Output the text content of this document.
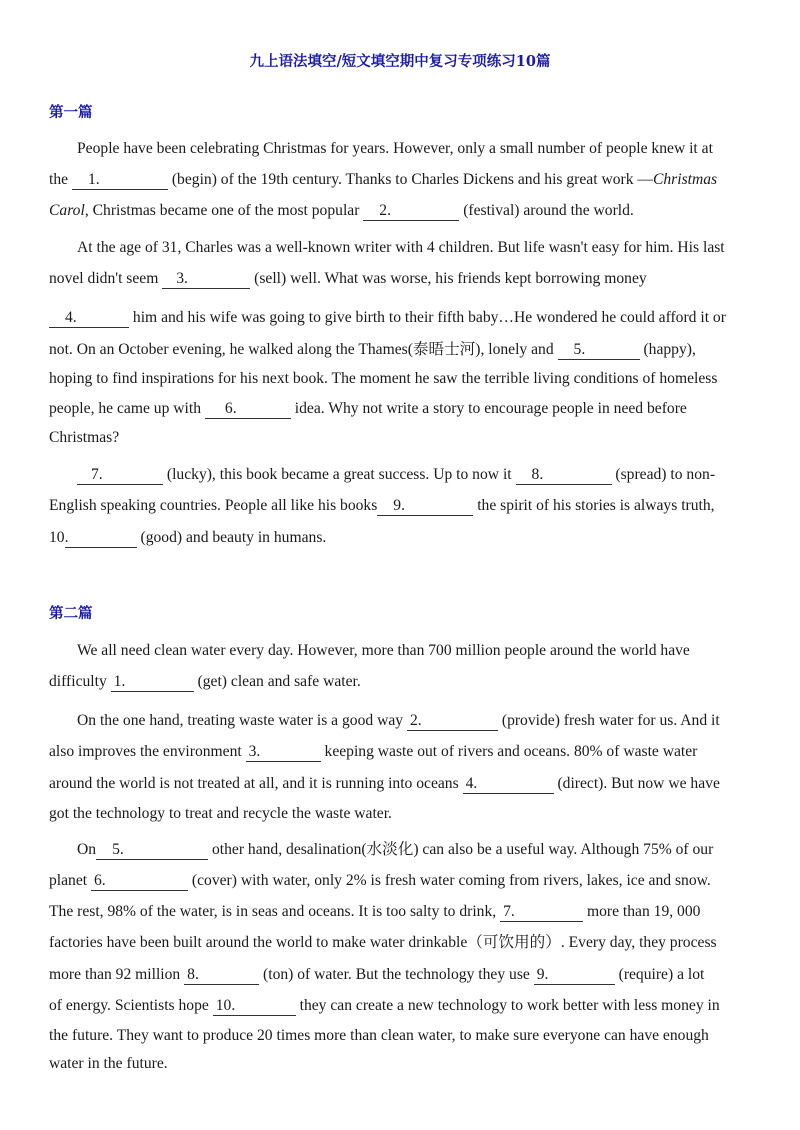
九上语法填空/短文填空期中复习专项练习10篇
第一篇
People have been celebrating Christmas for years. However, only a small number of people knew it at
the 1.	(begin) of the 19th century. Thanks to Charles Dickens and his great work —Christmas
Carol, Christmas became one of the most popular 2.	(festival) around the world.
At the age of 31, Charles was a well-known writer with 4 children. But life wasn't easy for him. His last
novel didn't seem 3.	(sell) well. What was worse, his friends kept borrowing money
4.	him and his wife was going to give birth to their fifth baby…He wondered he could afford it or
not. On an October evening, he walked along the Thames(泰晤士河), lonely and 5.	(happy),
hoping to find inspirations for his next book. The moment he saw the terrible living conditions of homeless
people, he came up with 6.	idea. Why not write a story to encourage people in need before
Christmas?
7.	(lucky), this book became a great success. Up to now it 8.	(spread) to non-
English speaking countries. People all like his books 9.	the spirit of his stories is always truth,
10.	(good) and beauty in humans.
第二篇
We all need clean water every day. However, more than 700 million people around the world have
difficulty 1.	(get) clean and safe water.
On the one hand, treating waste water is a good way 2.	(provide) fresh water for us. And it
also improves the environment 3.	keeping waste out of rivers and oceans. 80% of waste water
around the world is not treated at all, and it is running into oceans 4.	(direct). But now we have
got the technology to treat and recycle the waste water.
On 5.	other hand, desalination(水淡化) can also be a useful way. Although 75% of our
planet 6.	(cover) with water, only 2% is fresh water coming from rivers, lakes, ice and snow.
The rest, 98% of the water, is in seas and oceans. It is too salty to drink, 7.	more than 19, 000
factories have been built around the world to make water drinkable（可饮用的）. Every day, they process
more than 92 million 8.	(ton) of water. But the technology they use 9.	(require) a lot
of energy. Scientists hope 10.	they can create a new technology to work better with less money in
the future. They want to produce 20 times more than clean water, to make sure everyone can have enough
water in the future.
